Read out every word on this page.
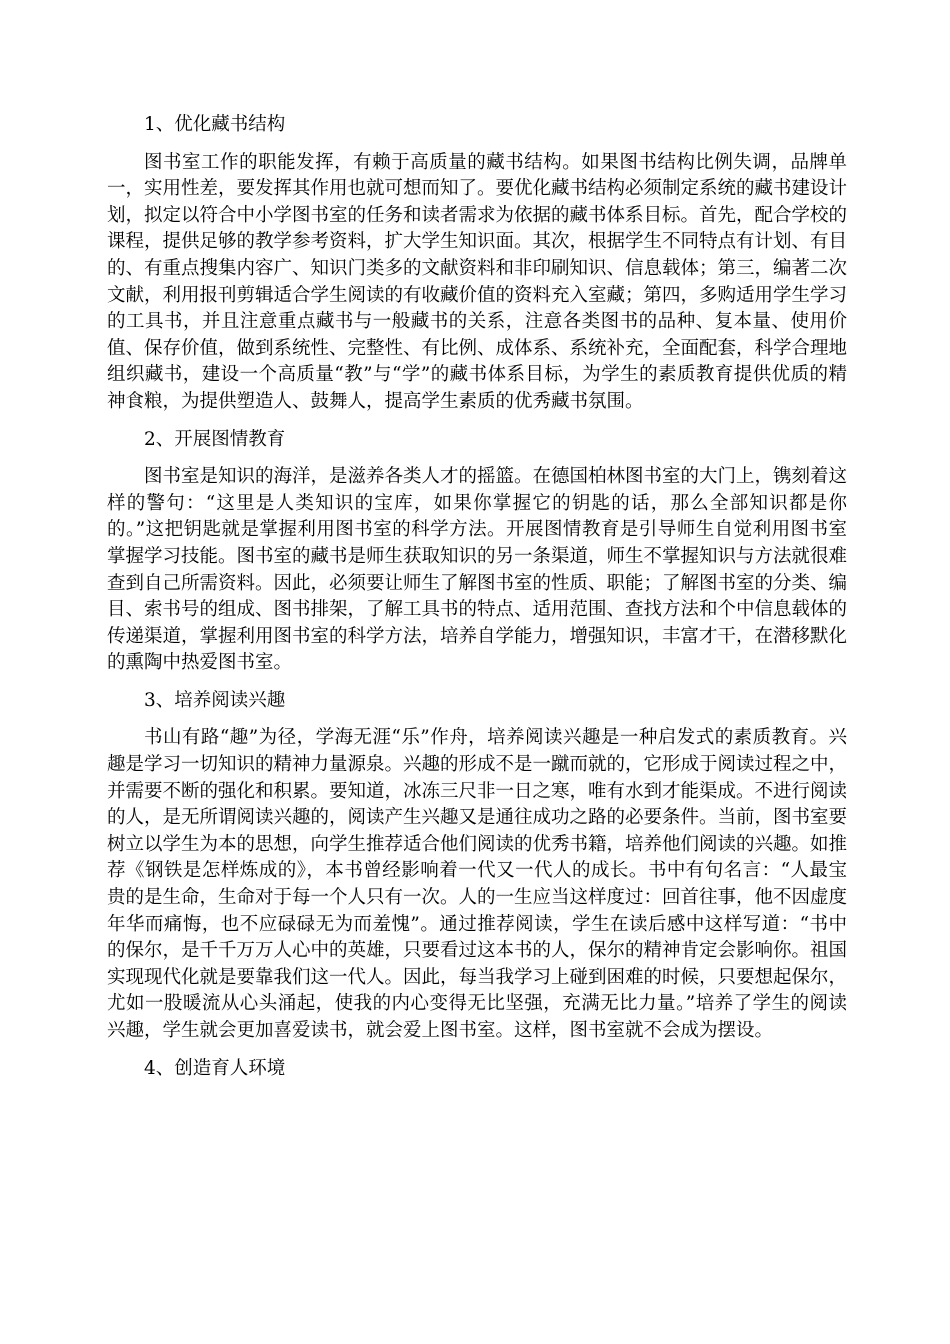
1、优化藏书结构

图书室工作的职能发挥，有赖于高质量的藏书结构。如果图书结构比例失调，品牌单一，实用性差，要发挥其作用也就可想而知了。要优化藏书结构必须制定系统的藏书建设计划，拟定以符合中小学图书室的任务和读者需求为依据的藏书体系目标。首先，配合学校的课程，提供足够的教学参考资料，扩大学生知识面。其次，根据学生不同特点有计划、有目的、有重点搜集内容广、知识门类多的文献资料和非印刷知识、信息载体；第三，编著二次文献，利用报刊剪辑适合学生阅读的有收藏价值的资料充入室藏；第四，多购适用学生学习的工具书，并且注意重点藏书与一般藏书的关系，注意各类图书的品种、复本量、使用价值、保存价值，做到系统性、完整性、有比例、成体系、系统补充，全面配套，科学合理地组织藏书，建设一个高质量“教”与“学”的藏书体系目标，为学生的素质教育提供优质的精神食粮，为提供塑造人、鼓舞人，提高学生素质的优秀藏书氛围。

2、开展图情教育

图书室是知识的海洋，是滋养各类人才的摇篮。在德国柏林图书室的大门上，镌刻着这样的警句：“这里是人类知识的宝库，如果你掌握它的钥匙的话，那么全部知识都是你的。”这把钥匙就是掌握利用图书室的科学方法。开展图情教育是引导师生自觉利用图书室掌握学习技能。图书室的藏书是师生获取知识的另一条渠道，师生不掌握知识与方法就很难查到自己所需资料。因此，必须要让师生了解图书室的性质、职能；了解图书室的分类、编目、索书号的组成、图书排架，了解工具书的特点、适用范围、查找方法和个中信息载体的传递渠道，掌握利用图书室的科学方法，培养自学能力，增强知识，丰富才干，在潜移默化的熏陶中热爱图书室。

3、培养阅读兴趣

书山有路“趣”为径，学海无涯“乐”作舟，培养阅读兴趣是一种启发式的素质教育。兴趣是学习一切知识的精神力量源泉。兴趣的形成不是一蹴而就的，它形成于阅读过程之中，并需要不断的强化和积累。要知道，冰冻三尺非一日之寒，唯有水到才能渠成。不进行阅读的人，是无所谓阅读兴趣的，阅读产生兴趣又是通往成功之路的必要条件。当前，图书室要树立以学生为本的思想，向学生推荐适合他们阅读的优秀书籍，培养他们阅读的兴趣。如推荐《钢铁是怎样炼成的》，本书曾经影响着一代又一代人的成长。书中有句名言：“人最宝贵的是生命，生命对于每一个人只有一次。人的一生应当这样度过：回首往事，他不因虚度年华而痛悔，也不应碌碌无为而羞愧”。通过推荐阅读，学生在读后感中这样写道：“书中的保尔，是千千万万人心中的英雄，只要看过这本书的人，保尔的精神肯定会影响你。祖国实现现代化就是要靠我们这一代人。因此，每当我学习上碰到困难的时候，只要想起保尔，尤如一股暖流从心头涌起，使我的内心变得无比坚强，充满无比力量。”培养了学生的阅读兴趣，学生就会更加喜爱读书，就会爱上图书室。这样，图书室就不会成为摆设。

4、创造育人环境
